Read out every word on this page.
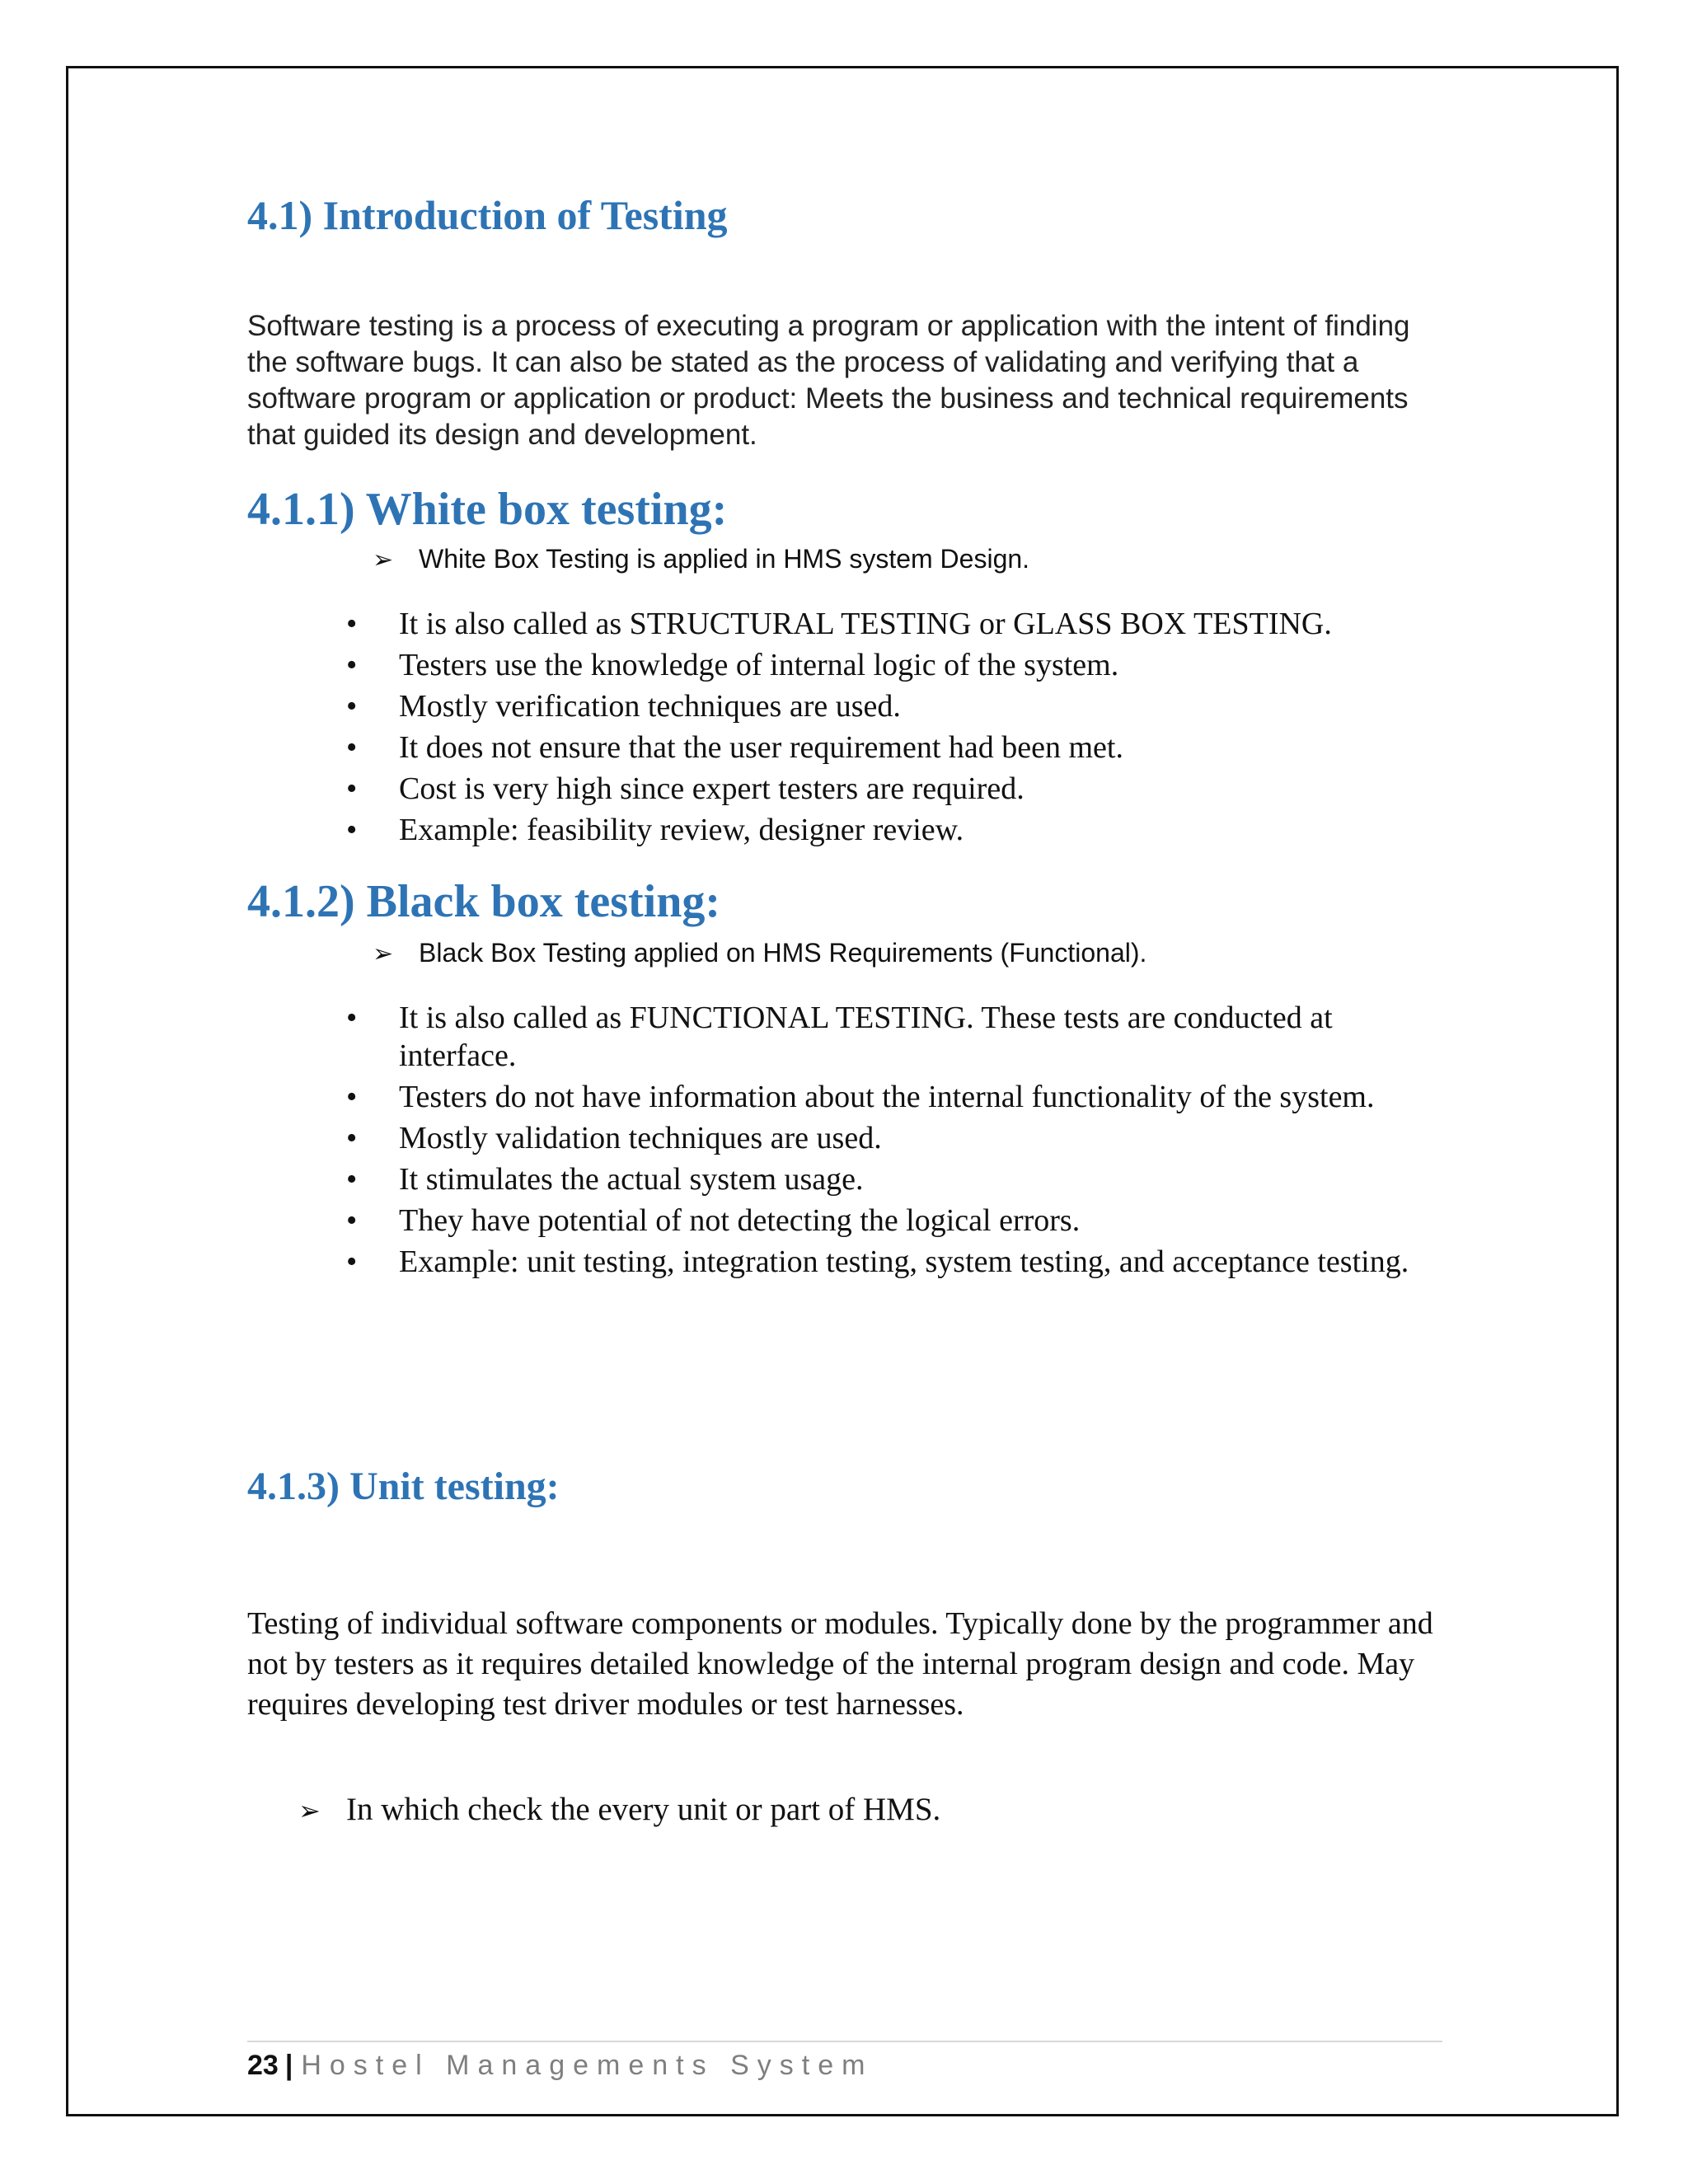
4.1) Introduction of Testing

Software testing is a process of executing a program or application with the intent of finding the software bugs. It can also be stated as the process of validating and verifying that a software program or application or product: Meets the business and technical requirements that guided its design and development.

4.1.1) White box testing:

➢ White Box Testing is applied in HMS system Design.

• It is also called as STRUCTURAL TESTING or GLASS BOX TESTING.
• Testers use the knowledge of internal logic of the system.
• Mostly verification techniques are used.
• It does not ensure that the user requirement had been met.
• Cost is very high since expert testers are required.
• Example: feasibility review, designer review.
4.1.2) Black box testing:

➢ Black Box Testing applied on HMS Requirements (Functional).

• It is also called as FUNCTIONAL TESTING. These tests are conducted at interface.
• Testers do not have information about the internal functionality of the system.
• Mostly validation techniques are used.
• It stimulates the actual system usage.
• They have potential of not detecting the logical errors.
• Example: unit testing, integration testing, system testing, and acceptance testing.
4.1.3) Unit testing:

Testing of individual software components or modules. Typically done by the programmer and not by testers as it requires detailed knowledge of the internal program design and code. May requires developing test driver modules or test harnesses.

➢ In which check the every unit or part of HMS.

23 | Hostel Managements System
